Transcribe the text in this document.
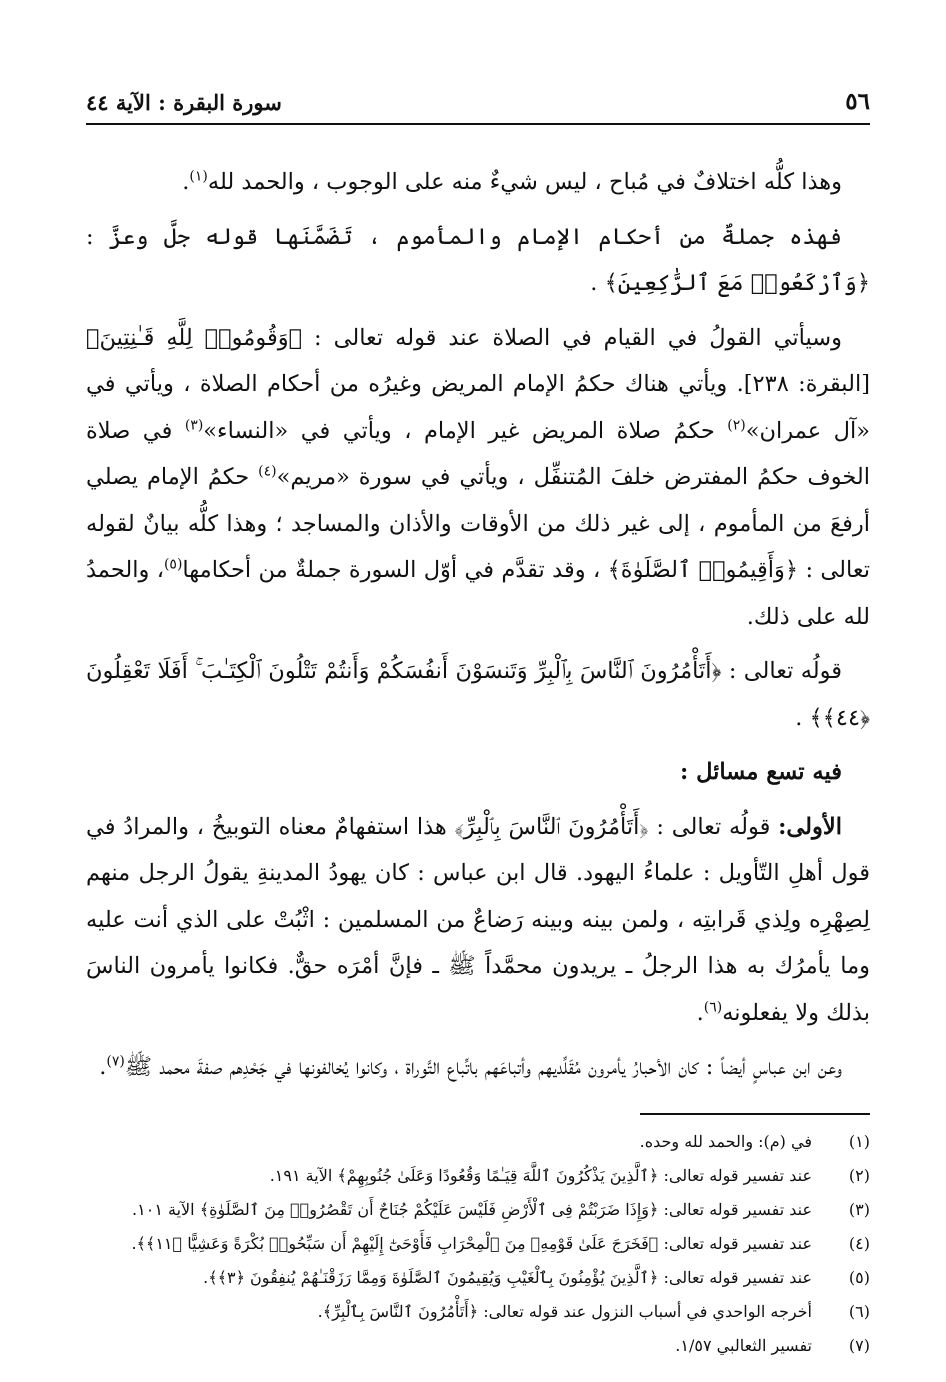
٥٦
سورة البقرة : الآية ٤٤

وهذا كلُّه اختلافٌ في مُباح ، ليس شيءٌ منه على الوجوب ، والحمد لله$^{(١)}$.

فهذه جملةٌ من أحكام الإمام والمأموم ، تَضَمَّنَها قوله جلَّ وعزَّ : ﴿وَٱرْكَعُوا۟ مَعَ ٱلرَّٰكِعِينَ﴾ .

وسيأتي القولُ في القيام في الصلاة عند قوله تعالى : ﴿وَقُومُوا۟ لِلَّهِ قَـٰنِتِينَ﴾ [البقرة: ٢٣٨]. ويأتي هناك حكمُ الإمام المريض وغيرُه من أحكام الصلاة ، ويأتي في «آل عمران»$^{(٢)}$ حكمُ صلاة المريض غير الإمام ، ويأتي في «النساء»$^{(٣)}$ في صلاة الخوف حكمُ المفترض خلفَ المُتنفِّل ، ويأتي في سورة «مريم»$^{(٤)}$ حكمُ الإمام يصلي أرفعَ من المأموم ، إلى غير ذلك من الأوقات والأذان والمساجد ؛ وهذا كلُّه بيانٌ لقوله تعالى : ﴿وَأَقِيمُوا۟ ٱلصَّلَوٰةَ﴾ ، وقد تقدَّم في أوّل السورة جملةٌ من أحكامها$^{(٥)}$، والحمدُ لله على ذلك.

قولُه تعالى : ﴿أَتَأْمُرُونَ ٱلنَّاسَ بِٱلْبِرِّ وَتَنسَوْنَ أَنفُسَكُمْ وَأَنتُمْ تَتْلُونَ ٱلْكِتَـٰبَ ۚ أَفَلَا تَعْقِلُونَ ﴿٤٤﴾﴾ .

فيه تسع مسائل :

الأولى: قولُه تعالى : ﴿أَتَأْمُرُونَ ٱلنَّاسَ بِٱلْبِرِّ﴾ هذا استفهامٌ معناه التوبيخُ ، والمرادُ في قول أهلِ التّأويل : علماءُ اليهود. قال ابن عباس : كان يهودُ المدينةِ يقولُ الرجل منهم لِصِهْرِه ولِذي قَرابتِه ، ولمن بينه وبينه رَضاعٌ من المسلمين : اثْبُتْ على الذي أنت عليه وما يأمرُك به هذا الرجلُ ـ يريدون محمَّداً ﷺ ـ فإنَّ أمْرَه حقٌّ. فكانوا يأمرون الناسَ بذلك ولا يفعلونه$^{(٦)}$.

وعن ابن عباسٍ أيضاً : كان الأحبارُ يأمرون مُقَلِّديهم وأتباعَهم باتِّباع التَّوراة ، وكانوا يُخالفونها في جَحْدِهم صفةَ محمد ﷺ$^{(٧)}$.

(١)
في (م): والحمد لله وحده.
(٢)
عند تفسير قوله تعالى: ﴿ٱلَّذِينَ يَذْكُرُونَ ٱللَّهَ قِيَـٰمًا وَقُعُودًا وَعَلَىٰ جُنُوبِهِمْ﴾ الآية ١٩١.
(٣)
عند تفسير قوله تعالى: ﴿وَإِذَا ضَرَبْتُمْ فِى ٱلْأَرْضِ فَلَيْسَ عَلَيْكُمْ جُنَاحٌ أَن تَقْصُرُوا۟ مِنَ ٱلصَّلَوٰةِ﴾ الآية ١٠١.
(٤)
عند تفسير قوله تعالى: ﴿فَخَرَجَ عَلَىٰ قَوْمِهِۦ مِنَ ٱلْمِحْرَابِ فَأَوْحَىٰٓ إِلَيْهِمْ أَن سَبِّحُوا۟ بُكْرَةً وَعَشِيًّا ﴿١١﴾﴾.
(٥)
عند تفسير قوله تعالى: ﴿ٱلَّذِينَ يُؤْمِنُونَ بِٱلْغَيْبِ وَيُقِيمُونَ ٱلصَّلَوٰةَ وَمِمَّا رَزَقْنَـٰهُمْ يُنفِقُونَ ﴿٣﴾﴾.
(٦)
أخرجه الواحدي في أسباب النزول عند قوله تعالى: ﴿أَتَأْمُرُونَ ٱلنَّاسَ بِٱلْبِرِّ﴾.
(٧)
تفسير الثعالبي ١/٥٧.
